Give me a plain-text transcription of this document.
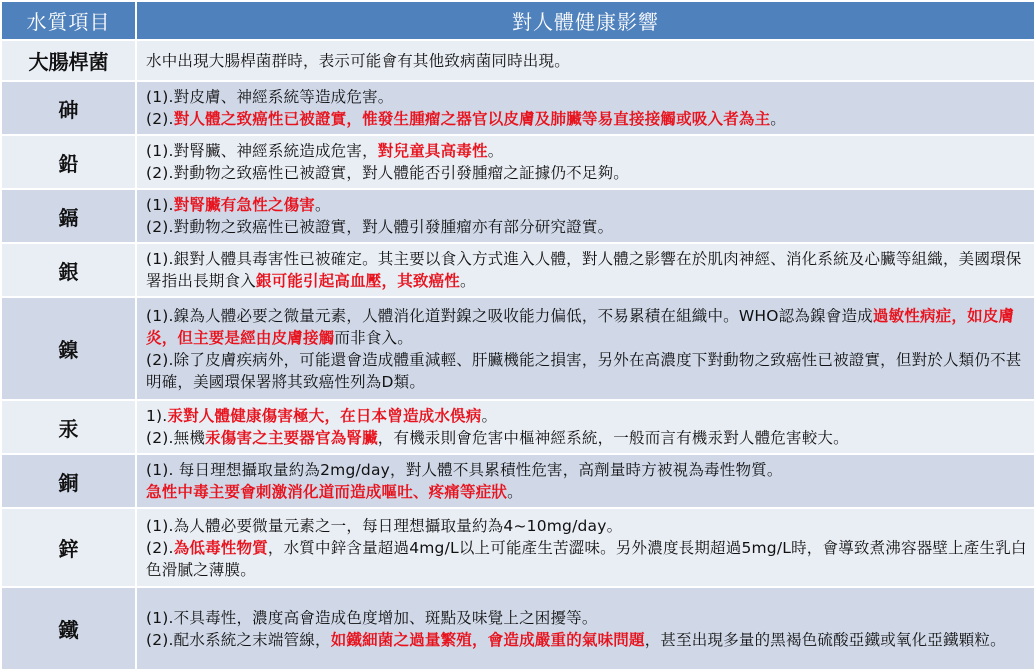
水質項目	對人體健康影響
大腸桿菌	水中出現大腸桿菌群時，表示可能會有其他致病菌同時出現。
砷
(1).對皮膚、神經系統等造成危害。
(2).對人體之致癌性已被證實，惟發生腫瘤之器官以皮膚及肺臟等易直接接觸或吸入者為主。
鉛
(1).對腎臟、神經系統造成危害，對兒童具高毒性。
(2).對動物之致癌性已被證實，對人體能否引發腫瘤之証據仍不足夠。
鎘
(1).對腎臟有急性之傷害。
(2).對動物之致癌性已被證實，對人體引發腫瘤亦有部分研究證實。
銀
(1).銀對人體具毒害性已被確定。其主要以食入方式進入人體，對人體之影響在於肌肉神經、消化系統及心臟等組織，美國環保署指出長期食入銀可能引起高血壓，其致癌性。
鎳
(1).鎳為人體必要之微量元素，人體消化道對鎳之吸收能力偏低，不易累積在組織中。WHO認為鎳會造成過敏性病症，如皮膚炎，但主要是經由皮膚接觸而非食入。
(2).除了皮膚疾病外，可能還會造成體重減輕、肝臟機能之損害，另外在高濃度下對動物之致癌性已被證實，但對於人類仍不甚明確，美國環保署將其致癌性列為D類。
汞
1).汞對人體健康傷害極大，在日本曾造成水俁病。
(2).無機汞傷害之主要器官為腎臟，有機汞則會危害中樞神經系統，一般而言有機汞對人體危害較大。
銅
(1). 每日理想攝取量約為2mg/day，對人體不具累積性危害，高劑量時方被視為毒性物質。
急性中毒主要會刺激消化道而造成嘔吐、疼痛等症狀。
鋅
(1).為人體必要微量元素之一，每日理想攝取量約為4~10mg/day。
(2).為低毒性物質，水質中鋅含量超過4mg/L以上可能產生苦澀味。另外濃度長期超過5mg/L時，會導致煮沸容器壁上產生乳白色滑膩之薄膜。
鐵
(1).不具毒性，濃度高會造成色度增加、斑點及味覺上之困擾等。
(2).配水系統之末端管線，如鐵細菌之過量繁殖，會造成嚴重的氣味問題，甚至出現多量的黑褐色硫酸亞鐵或氧化亞鐵顆粒。
